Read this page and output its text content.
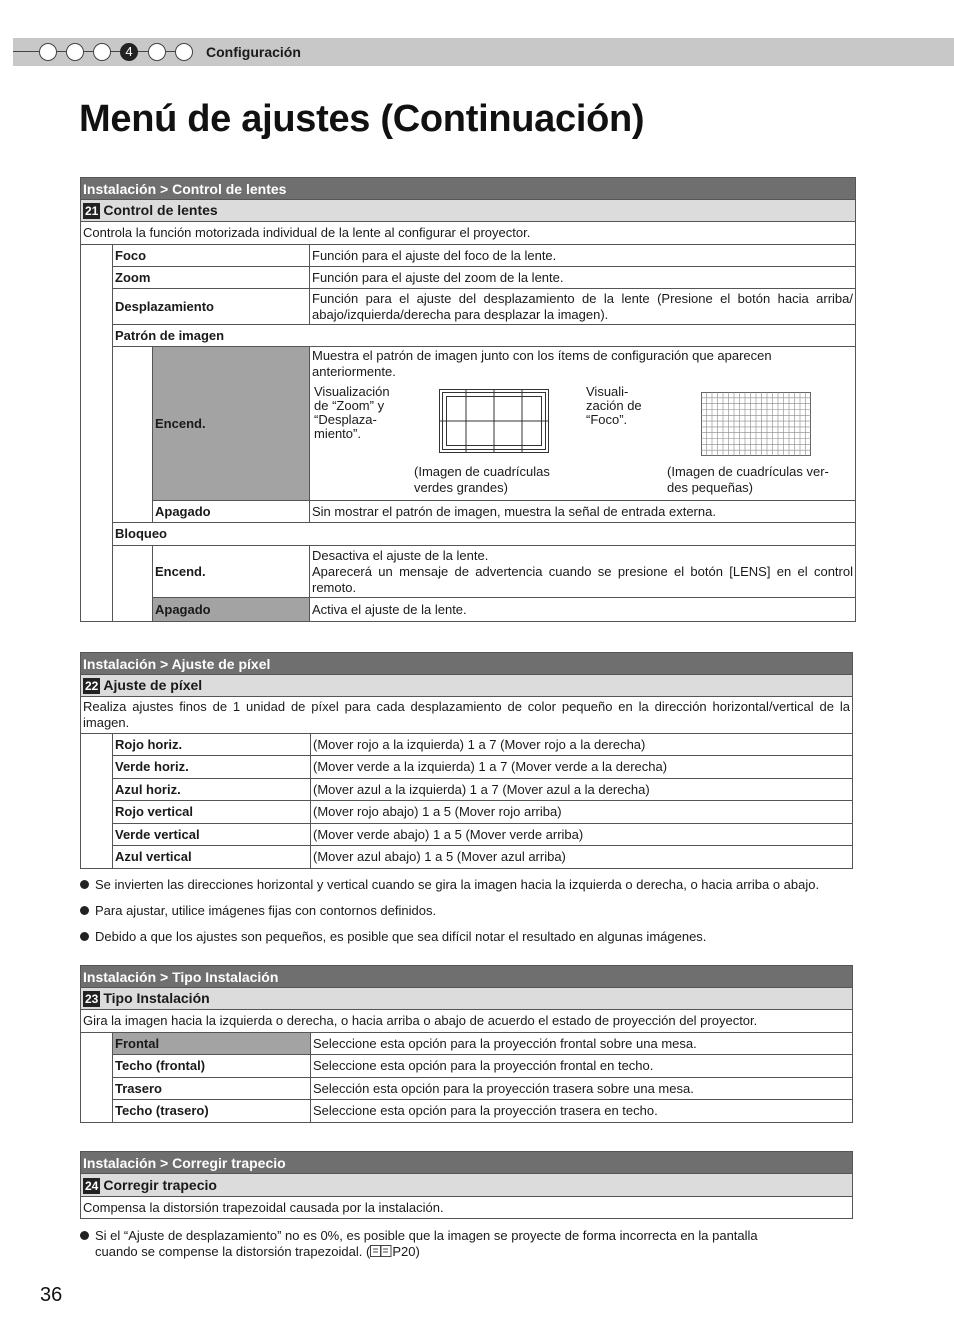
4	Configuración
Menú de ajustes (Continuación)
Instalación > Control de lentes			
21 Control de lentes			
Controla la función motorizada individual de la lente al configurar el proyector.			
	Foco		Función para el ajuste del foco de la lente.
	Zoom		Función para el ajuste del zoom de la lente.
	Desplazamiento		Función para el ajuste del desplazamiento de la lente (Presione el botón hacia arriba/ abajo/izquierda/derecha para desplazar la imagen).
	Patrón de imagen		
		Encend.	Muestra el patrón de imagen junto con los ítems de configuración que aparecen anteriormente.
Visualización de “Zoom” y “Desplaza- miento”.
Visuali- zación de “Foco”.
(Imagen de cuadrículas verdes grandes)
(Imagen de cuadrículas ver- des pequeñas)

		Apagado	Sin mostrar el patrón de imagen, muestra la señal de entrada externa.
	Bloqueo		
		Encend.	Desactiva el ajuste de la lente.
Aparecerá un mensaje de advertencia cuando se presione el botón [LENS] en el control remoto.

		Apagado	Activa el ajuste de la lente.
Instalación > Ajuste de píxel		
22 Ajuste de píxel		
Realiza ajustes finos de 1 unidad de píxel para cada desplazamiento de color pequeño en la dirección horizontal/vertical de la imagen.		
	Rojo horiz.	(Mover rojo a la izquierda) 1 a 7 (Mover rojo a la derecha)
	Verde horiz.	(Mover verde a la izquierda) 1 a 7 (Mover verde a la derecha)
	Azul horiz.	(Mover azul a la izquierda) 1 a 7 (Mover azul a la derecha)
	Rojo vertical	(Mover rojo abajo) 1 a 5 (Mover rojo arriba)
	Verde vertical	(Mover verde abajo) 1 a 5 (Mover verde arriba)
	Azul vertical	(Mover azul abajo) 1 a 5 (Mover azul arriba)
Se invierten las direcciones horizontal y vertical cuando se gira la imagen hacia la izquierda o derecha, o hacia arriba o abajo.
Para ajustar, utilice imágenes fijas con contornos definidos.
Debido a que los ajustes son pequeños, es posible que sea difícil notar el resultado en algunas imágenes.
Instalación > Tipo Instalación		
23 Tipo Instalación		
Gira la imagen hacia la izquierda o derecha, o hacia arriba o abajo de acuerdo el estado de proyección del proyector.		
	Frontal	Seleccione esta opción para la proyección frontal sobre una mesa.
	Techo (frontal)	Seleccione esta opción para la proyección frontal en techo.
	Trasero	Selección esta opción para la proyección trasera sobre una mesa.
	Techo (trasero)	Seleccione esta opción para la proyección trasera en techo.
Instalación > Corregir trapecio
24 Corregir trapecio
Compensa la distorsión trapezoidal causada por la instalación.
Si el “Ajuste de desplazamiento” no es 0%, es posible que la imagen se proyecte de forma incorrecta en la pantalla
cuando se compense la distorsión trapezoidal. ( P20)
36
